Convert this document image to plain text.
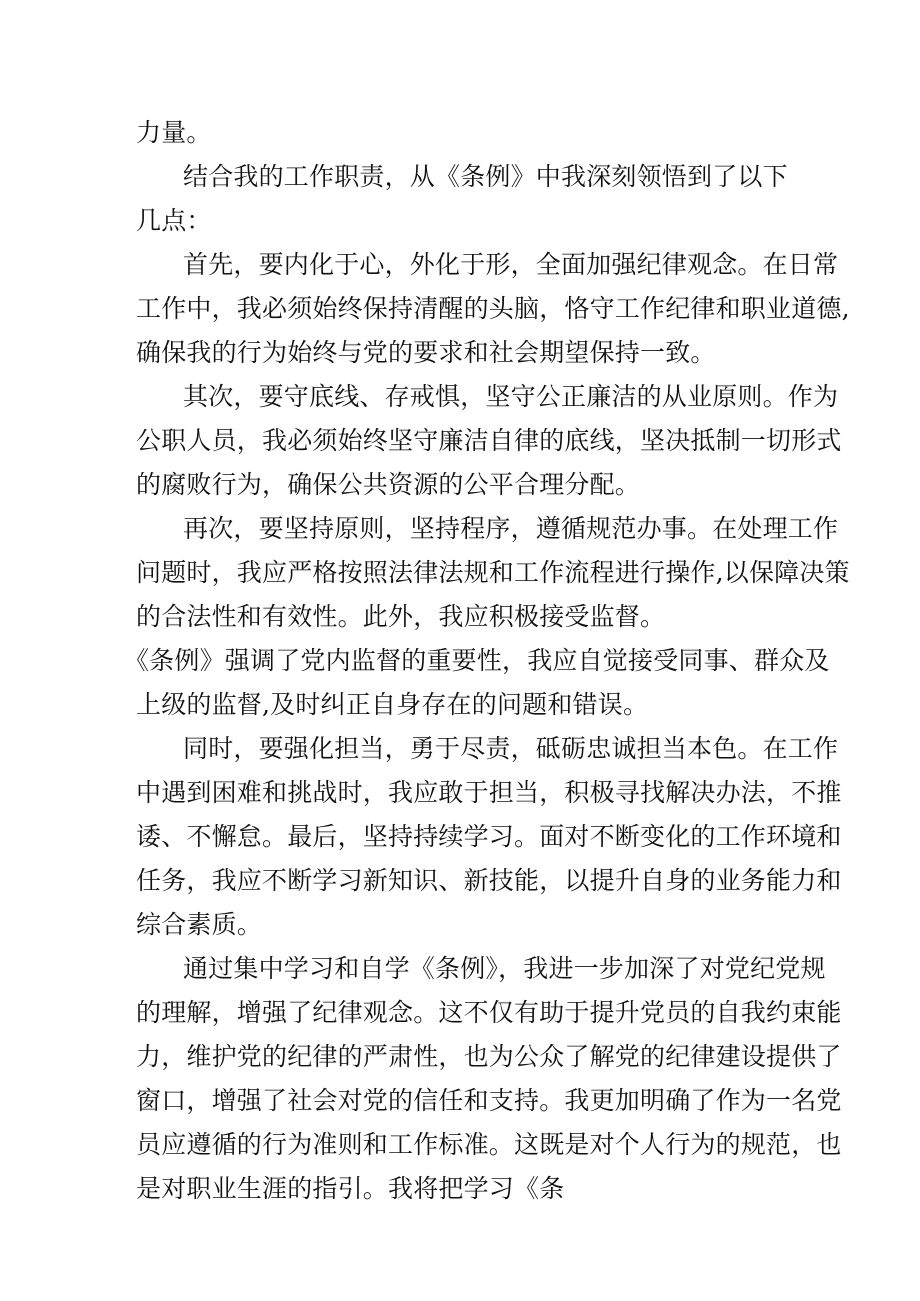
力量。
结合我的工作职责，从《条例》中我深刻领悟到了以下
几点：
首先，要内化于心，外化于形，全面加强纪律观念。在日常
工作中，我必须始终保持清醒的头脑，恪守工作纪律和职业道德,
确保我的行为始终与党的要求和社会期望保持一致。
其次，要守底线、存戒惧，坚守公正廉洁的从业原则。作为
公职人员，我必须始终坚守廉洁自律的底线，坚决抵制一切形式
的腐败行为，确保公共资源的公平合理分配。
再次，要坚持原则，坚持程序，遵循规范办事。在处理工作
问题时，我应严格按照法律法规和工作流程进行操作,以保障决策
的合法性和有效性。此外，我应积极接受监督。
《条例》强调了党内监督的重要性，我应自觉接受同事、群众及
上级的监督,及时纠正自身存在的问题和错误。
同时，要强化担当，勇于尽责，砥砺忠诚担当本色。在工作
中遇到困难和挑战时，我应敢于担当，积极寻找解决办法，不推
诿、不懈怠。最后，坚持持续学习。面对不断变化的工作环境和
任务，我应不断学习新知识、新技能，以提升自身的业务能力和
综合素质。
通过集中学习和自学《条例》，我进一步加深了对党纪党规
的理解，增强了纪律观念。这不仅有助于提升党员的自我约束能
力，维护党的纪律的严肃性，也为公众了解党的纪律建设提供了
窗口，增强了社会对党的信任和支持。我更加明确了作为一名党
员应遵循的行为准则和工作标准。这既是对个人行为的规范，也
是对职业生涯的指引。我将把学习《条
